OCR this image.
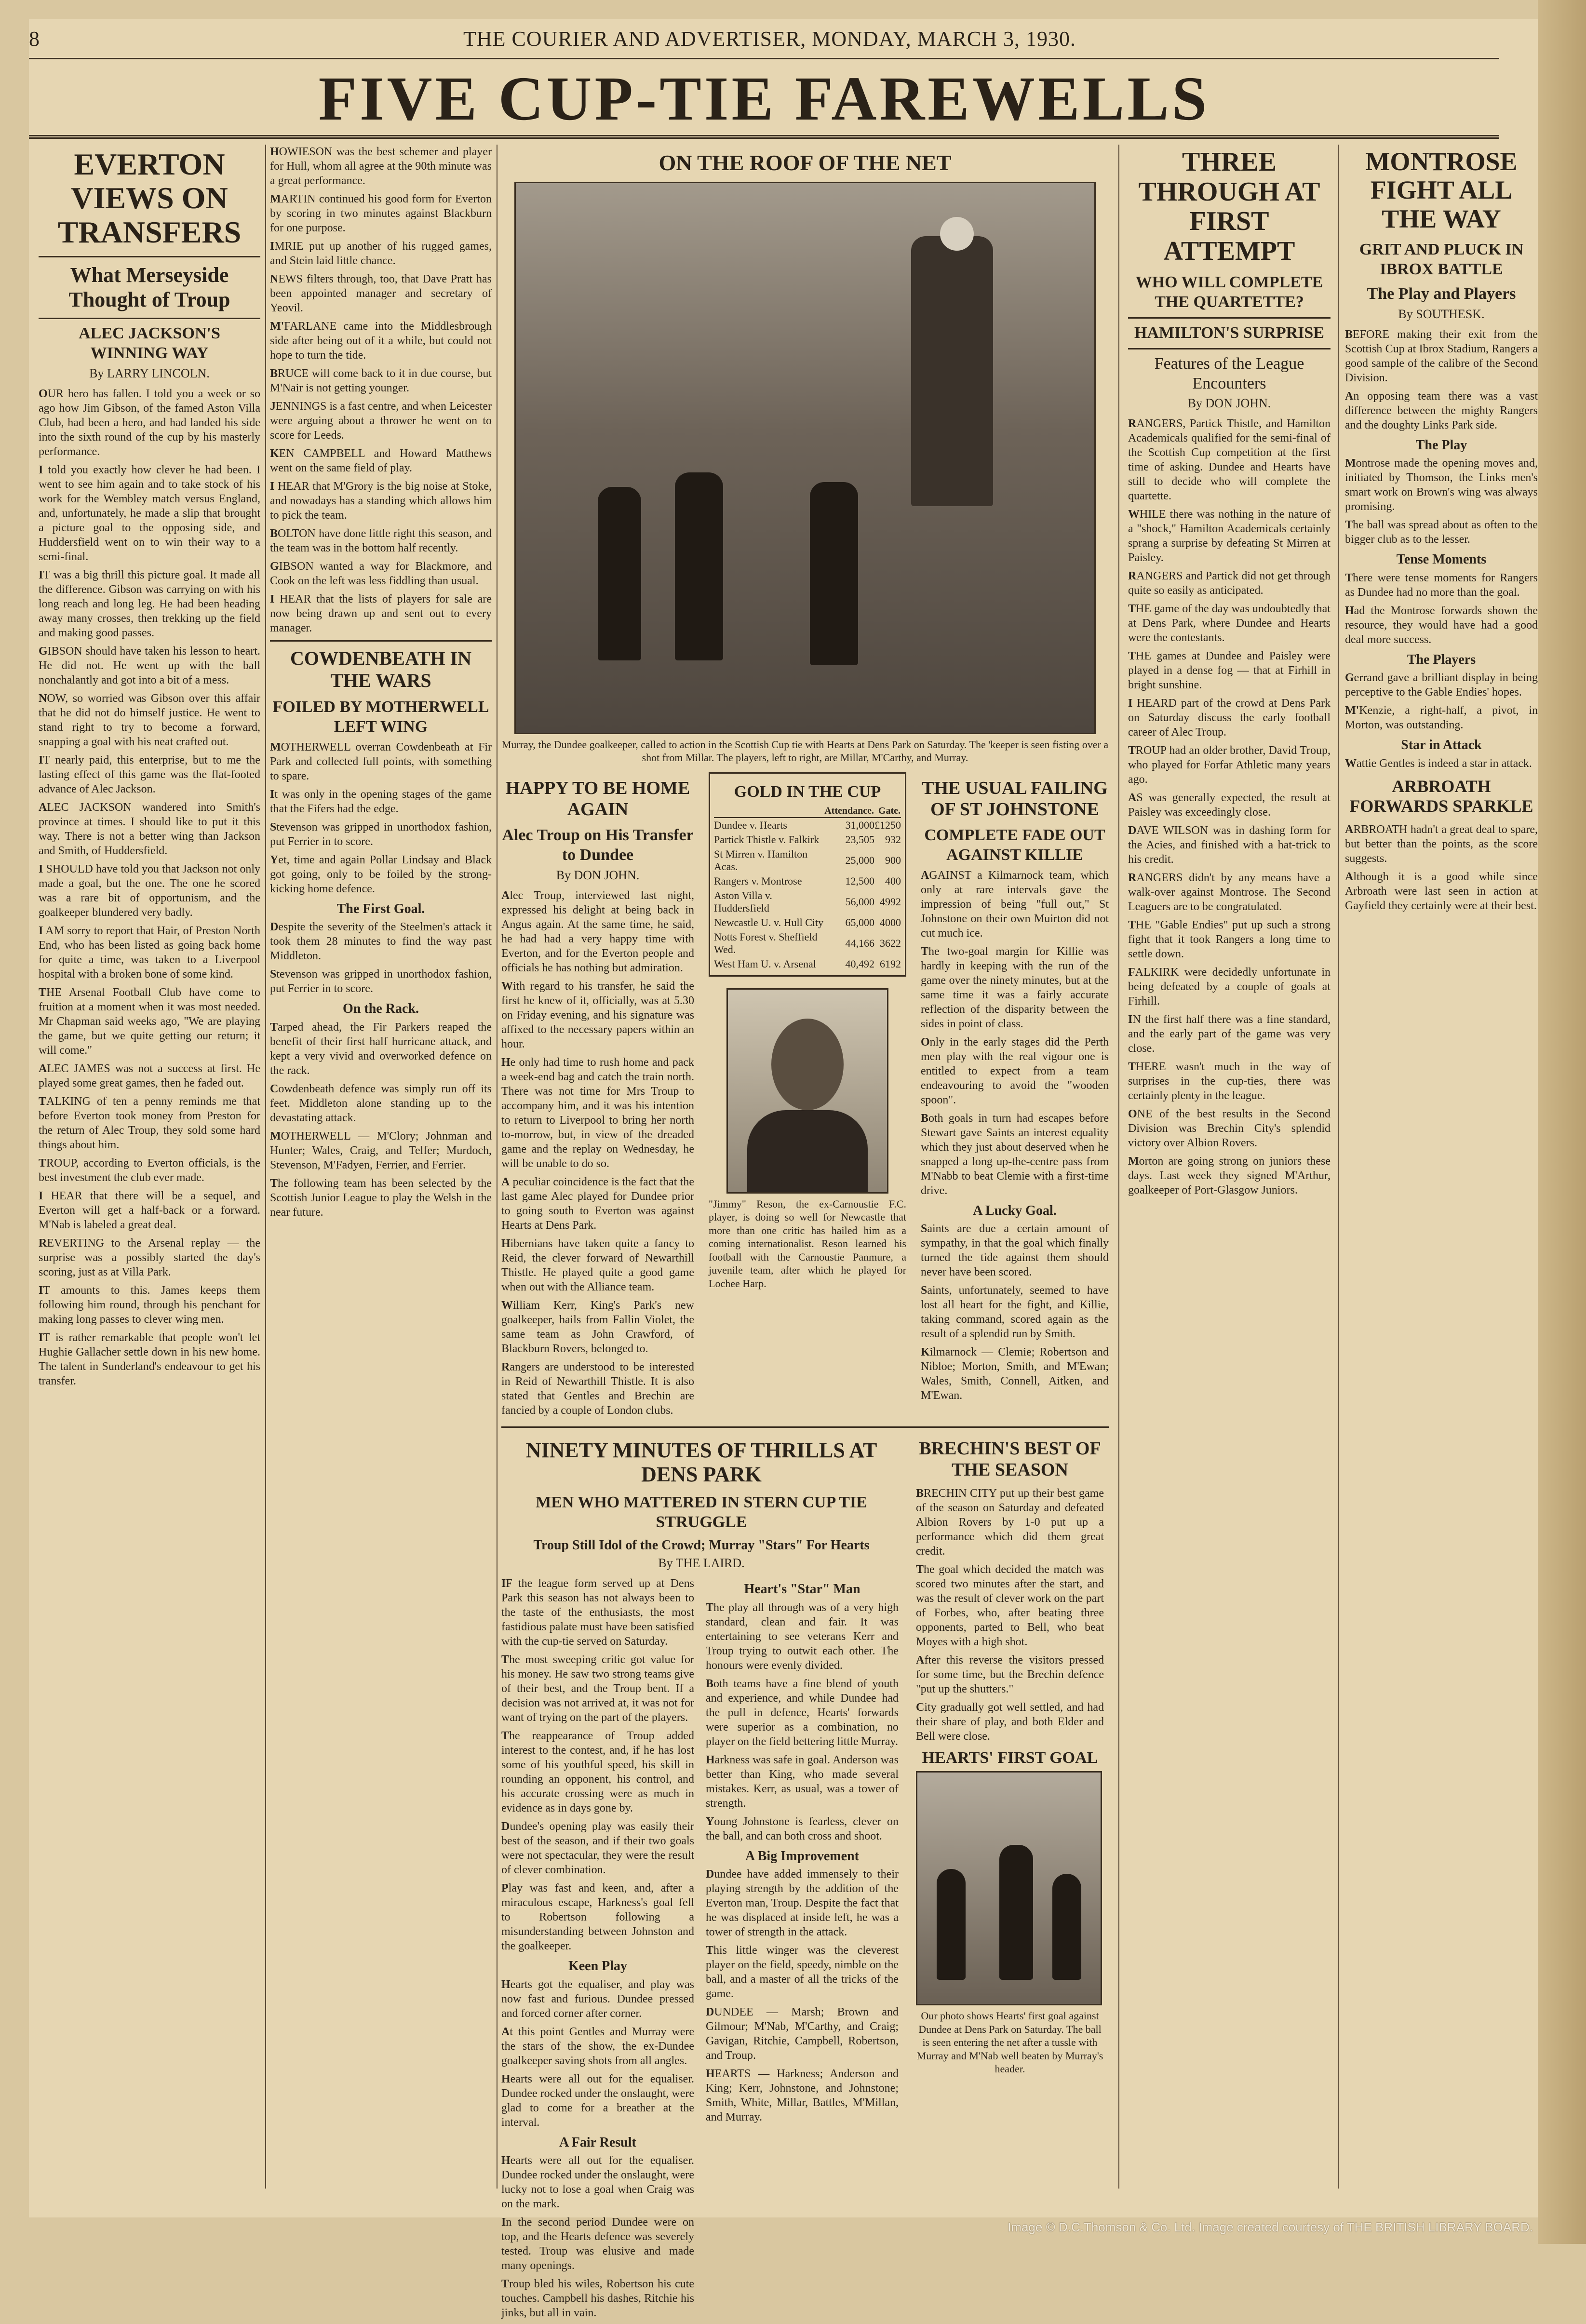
8	THE COURIER AND ADVERTISER, MONDAY, MARCH 3, 1930.
FIVE CUP-TIE FAREWELLS
EVERTON VIEWS ON TRANSFERS
What Merseyside Thought of Troup
ALEC JACKSON'S WINNING WAY
By LARRY LINCOLN.

OUR hero has fallen. I told you a week or so ago how Jim Gibson, of the famed Aston Villa Club, had been a hero, and had landed his side into the sixth round of the cup by his masterly performance.

I told you exactly how clever he had been. I went to see him again and to take stock of his work for the Wembley match versus England, and, unfortunately, he made a slip that brought a picture goal to the opposing side, and Huddersfield went on to win their way to a semi-final.

IT was a big thrill this picture goal. It made all the difference. Gibson was carrying on with his long reach and long leg. He had been heading away many crosses, then trekking up the field and making good passes.

GIBSON should have taken his lesson to heart. He did not. He went up with the ball nonchalantly and got into a bit of a mess.

NOW, so worried was Gibson over this affair that he did not do himself justice. He went to stand right to try to become a forward, snapping a goal with his neat crafted out.

IT nearly paid, this enterprise, but to me the lasting effect of this game was the flat-footed advance of Alec Jackson.

ALEC JACKSON wandered into Smith's province at times. I should like to put it this way. There is not a better wing than Jackson and Smith, of Huddersfield.

I SHOULD have told you that Jackson not only made a goal, but the one. The one he scored was a rare bit of opportunism, and the goalkeeper blundered very badly.

I AM sorry to report that Hair, of Preston North End, who has been listed as going back home for quite a time, was taken to a Liverpool hospital with a broken bone of some kind.

THE Arsenal Football Club have come to fruition at a moment when it was most needed. Mr Chapman said weeks ago, "We are playing the game, but we quite getting our return; it will come."

ALEC JAMES was not a success at first. He played some great games, then he faded out.

TALKING of ten a penny reminds me that before Everton took money from Preston for the return of Alec Troup, they sold some hard things about him.

TROUP, according to Everton officials, is the best investment the club ever made.

I HEAR that there will be a sequel, and Everton will get a half-back or a forward. M'Nab is labeled a great deal.

REVERTING to the Arsenal replay — the surprise was a possibly started the day's scoring, just as at Villa Park.

IT amounts to this. James keeps them following him round, through his penchant for making long passes to clever wing men.

IT is rather remarkable that people won't let Hughie Gallacher settle down in his new home. The talent in Sunderland's endeavour to get his transfer.

HOWIESON was the best schemer and player for Hull, whom all agree at the 90th minute was a great performance.

MARTIN continued his good form for Everton by scoring in two minutes against Blackburn for one purpose.

IMRIE put up another of his rugged games, and Stein laid little chance.

NEWS filters through, too, that Dave Pratt has been appointed manager and secretary of Yeovil.

M'FARLANE came into the Middlesbrough side after being out of it a while, but could not hope to turn the tide.

BRUCE will come back to it in due course, but M'Nair is not getting younger.

JENNINGS is a fast centre, and when Leicester were arguing about a thrower he went on to score for Leeds.

KEN CAMPBELL and Howard Matthews went on the same field of play.

I HEAR that M'Grory is the big noise at Stoke, and nowadays has a standing which allows him to pick the team.

BOLTON have done little right this season, and the team was in the bottom half recently.

GIBSON wanted a way for Blackmore, and Cook on the left was less fiddling than usual.

I HEAR that the lists of players for sale are now being drawn up and sent out to every manager.

COWDENBEATH IN THE WARS
FOILED BY MOTHERWELL LEFT WING

MOTHERWELL overran Cowdenbeath at Fir Park and collected full points, with something to spare.

It was only in the opening stages of the game that the Fifers had the edge.

Stevenson was gripped in unorthodox fashion, put Ferrier in to score.

Yet, time and again Pollar Lindsay and Black got going, only to be foiled by the strong-kicking home defence.

The First Goal.

Despite the severity of the Steelmen's attack it took them 28 minutes to find the way past Middleton.

Stevenson was gripped in unorthodox fashion, put Ferrier in to score.

On the Rack.

Tarped ahead, the Fir Parkers reaped the benefit of their first half hurricane attack, and kept a very vivid and overworked defence on the rack.

Cowdenbeath defence was simply run off its feet. Middleton alone standing up to the devastating attack.

MOTHERWELL — M'Clory; Johnman and Hunter; Wales, Craig, and Telfer; Murdoch, Stevenson, M'Fadyen, Ferrier, and Ferrier.

The following team has been selected by the Scottish Junior League to play the Welsh in the near future.

ON THE ROOF OF THE NET
Murray, the Dundee goalkeeper, called to action in the Scottish Cup tie with Hearts at Dens Park on Saturday. The 'keeper is seen fisting over a shot from Millar. The players, left to right, are Millar, M'Carthy, and Murray.
HAPPY TO BE HOME AGAIN
Alec Troup on His Transfer to Dundee
By DON JOHN.

Alec Troup, interviewed last night, expressed his delight at being back in Angus again. At the same time, he said, he had had a very happy time with Everton, and for the Everton people and officials he has nothing but admiration.

With regard to his transfer, he said the first he knew of it, officially, was at 5.30 on Friday evening, and his signature was affixed to the necessary papers within an hour.

He only had time to rush home and pack a week-end bag and catch the train north. There was not time for Mrs Troup to accompany him, and it was his intention to return to Liverpool to bring her north to-morrow, but, in view of the dreaded game and the replay on Wednesday, he will be unable to do so.

A peculiar coincidence is the fact that the last game Alec played for Dundee prior to going south to Everton was against Hearts at Dens Park.

Hibernians have taken quite a fancy to Reid, the clever forward of Newarthill Thistle. He played quite a good game when out with the Alliance team.

William Kerr, King's Park's new goalkeeper, hails from Fallin Violet, the same team as John Crawford, of Blackburn Rovers, belonged to.

Rangers are understood to be interested in Reid of Newarthill Thistle. It is also stated that Gentles and Brechin are fancied by a couple of London clubs.

GOLD IN THE CUP
	Attendance.	Gate.
Dundee v. Hearts	31,000	£1250
Partick Thistle v. Falkirk	23,505	932
St Mirren v. Hamilton Acas.	25,000	900
Rangers v. Montrose	12,500	400
Aston Villa v. Huddersfield	56,000	4992
Newcastle U. v. Hull City	65,000	4000
Notts Forest v. Sheffield Wed.	44,166	3622
West Ham U. v. Arsenal	40,492	6192
"Jimmy" Reson, the ex-Carnoustie F.C. player, is doing so well for Newcastle that more than one critic has hailed him as a coming internationalist. Reson learned his football with the Carnoustie Panmure, a juvenile team, after which he played for Lochee Harp.
THE USUAL FAILING OF ST JOHNSTONE
COMPLETE FADE OUT AGAINST KILLIE

AGAINST a Kilmarnock team, which only at rare intervals gave the impression of being "full out," St Johnstone on their own Muirton did not cut much ice.

The two-goal margin for Killie was hardly in keeping with the run of the game over the ninety minutes, but at the same time it was a fairly accurate reflection of the disparity between the sides in point of class.

Only in the early stages did the Perth men play with the real vigour one is entitled to expect from a team endeavouring to avoid the "wooden spoon".

Both goals in turn had escapes before Stewart gave Saints an interest equality which they just about deserved when he snapped a long up-the-centre pass from M'Nabb to beat Clemie with a first-time drive.

A Lucky Goal.

Saints are due a certain amount of sympathy, in that the goal which finally turned the tide against them should never have been scored.

Saints, unfortunately, seemed to have lost all heart for the fight, and Killie, taking command, scored again as the result of a splendid run by Smith.

Kilmarnock — Clemie; Robertson and Nibloe; Morton, Smith, and M'Ewan; Wales, Smith, Connell, Aitken, and M'Ewan.

NINETY MINUTES OF THRILLS AT DENS PARK
MEN WHO MATTERED IN STERN CUP TIE STRUGGLE
Troup Still Idol of the Crowd; Murray "Stars" For Hearts
By THE LAIRD.

IF the league form served up at Dens Park this season has not always been to the taste of the enthusiasts, the most fastidious palate must have been satisfied with the cup-tie served on Saturday.

The most sweeping critic got value for his money. He saw two strong teams give of their best, and the Troup bent. If a decision was not arrived at, it was not for want of trying on the part of the players.

The reappearance of Troup added interest to the contest, and, if he has lost some of his youthful speed, his skill in rounding an opponent, his control, and his accurate crossing were as much in evidence as in days gone by.

Dundee's opening play was easily their best of the season, and if their two goals were not spectacular, they were the result of clever combination.

Play was fast and keen, and, after a miraculous escape, Harkness's goal fell to Robertson following a misunderstanding between Johnston and the goalkeeper.

Keen Play

Hearts got the equaliser, and play was now fast and furious. Dundee pressed and forced corner after corner.

At this point Gentles and Murray were the stars of the show, the ex-Dundee goalkeeper saving shots from all angles.

Hearts were all out for the equaliser. Dundee rocked under the onslaught, were glad to come for a breather at the interval.

A Fair Result

Hearts were all out for the equaliser. Dundee rocked under the onslaught, were lucky not to lose a goal when Craig was on the mark.

In the second period Dundee were on top, and the Hearts defence was severely tested. Troup was elusive and made many openings.

Troup bled his wiles, Robertson his cute touches. Campbell his dashes, Ritchie his jinks, but all in vain.

Heart's "Star" Man

The play all through was of a very high standard, clean and fair. It was entertaining to see veterans Kerr and Troup trying to outwit each other. The honours were evenly divided.

Both teams have a fine blend of youth and experience, and while Dundee had the pull in defence, Hearts' forwards were superior as a combination, no player on the field bettering little Murray.

Harkness was safe in goal. Anderson was better than King, who made several mistakes. Kerr, as usual, was a tower of strength.

Young Johnstone is fearless, clever on the ball, and can both cross and shoot.

A Big Improvement

Dundee have added immensely to their playing strength by the addition of the Everton man, Troup. Despite the fact that he was displaced at inside left, he was a tower of strength in the attack.

This little winger was the cleverest player on the field, speedy, nimble on the ball, and a master of all the tricks of the game.

DUNDEE — Marsh; Brown and Gilmour; M'Nab, M'Carthy, and Craig; Gavigan, Ritchie, Campbell, Robertson, and Troup.

HEARTS — Harkness; Anderson and King; Kerr, Johnstone, and Johnstone; Smith, White, Millar, Battles, M'Millan, and Murray.

BRECHIN'S BEST OF THE SEASON

BRECHIN CITY put up their best game of the season on Saturday and defeated Albion Rovers by 1-0 put up a performance which did them great credit.

The goal which decided the match was scored two minutes after the start, and was the result of clever work on the part of Forbes, who, after beating three opponents, parted to Bell, who beat Moyes with a high shot.

After this reverse the visitors pressed for some time, but the Brechin defence "put up the shutters."

City gradually got well settled, and had their share of play, and both Elder and Bell were close.

HEARTS' FIRST GOAL
Our photo shows Hearts' first goal against Dundee at Dens Park on Saturday. The ball is seen entering the net after a tussle with Murray and M'Nab well beaten by Murray's header.
THREE THROUGH AT FIRST ATTEMPT
WHO WILL COMPLETE THE QUARTETTE?
HAMILTON'S SURPRISE
Features of the League Encounters
By DON JOHN.

RANGERS, Partick Thistle, and Hamilton Academicals qualified for the semi-final of the Scottish Cup competition at the first time of asking. Dundee and Hearts have still to decide who will complete the quartette.

WHILE there was nothing in the nature of a "shock," Hamilton Academicals certainly sprang a surprise by defeating St Mirren at Paisley.

RANGERS and Partick did not get through quite so easily as anticipated.

THE game of the day was undoubtedly that at Dens Park, where Dundee and Hearts were the contestants.

THE games at Dundee and Paisley were played in a dense fog — that at Firhill in bright sunshine.

I HEARD part of the crowd at Dens Park on Saturday discuss the early football career of Alec Troup.

TROUP had an older brother, David Troup, who played for Forfar Athletic many years ago.

AS was generally expected, the result at Paisley was exceedingly close.

DAVE WILSON was in dashing form for the Acies, and finished with a hat-trick to his credit.

RANGERS didn't by any means have a walk-over against Montrose. The Second Leaguers are to be congratulated.

THE "Gable Endies" put up such a strong fight that it took Rangers a long time to settle down.

FALKIRK were decidedly unfortunate in being defeated by a couple of goals at Firhill.

IN the first half there was a fine standard, and the early part of the game was very close.

THERE wasn't much in the way of surprises in the cup-ties, there was certainly plenty in the league.

ONE of the best results in the Second Division was Brechin City's splendid victory over Albion Rovers.

Morton are going strong on juniors these days. Last week they signed M'Arthur, goalkeeper of Port-Glasgow Juniors.

MONTROSE FIGHT ALL THE WAY
GRIT AND PLUCK IN IBROX BATTLE
The Play and Players
By SOUTHESK.

BEFORE making their exit from the Scottish Cup at Ibrox Stadium, Rangers a good sample of the calibre of the Second Division.

An opposing team there was a vast difference between the mighty Rangers and the doughty Links Park side.

The Play

Montrose made the opening moves and, initiated by Thomson, the Links men's smart work on Brown's wing was always promising.

The ball was spread about as often to the bigger club as to the lesser.

Tense Moments

There were tense moments for Rangers as Dundee had no more than the goal.

Had the Montrose forwards shown the resource, they would have had a good deal more success.

The Players

Gerrand gave a brilliant display in being perceptive to the Gable Endies' hopes.

M'Kenzie, a right-half, a pivot, in Morton, was outstanding.

Star in Attack

Wattie Gentles is indeed a star in attack.

ARBROATH FORWARDS SPARKLE

ARBROATH hadn't a great deal to spare, but better than the points, as the score suggests.

Although it is a good while since Arbroath were last seen in action at Gayfield they certainly were at their best.

Image © D.C.Thomson & Co. Ltd. Image created courtesy of THE BRITISH LIBRARY BOARD.
